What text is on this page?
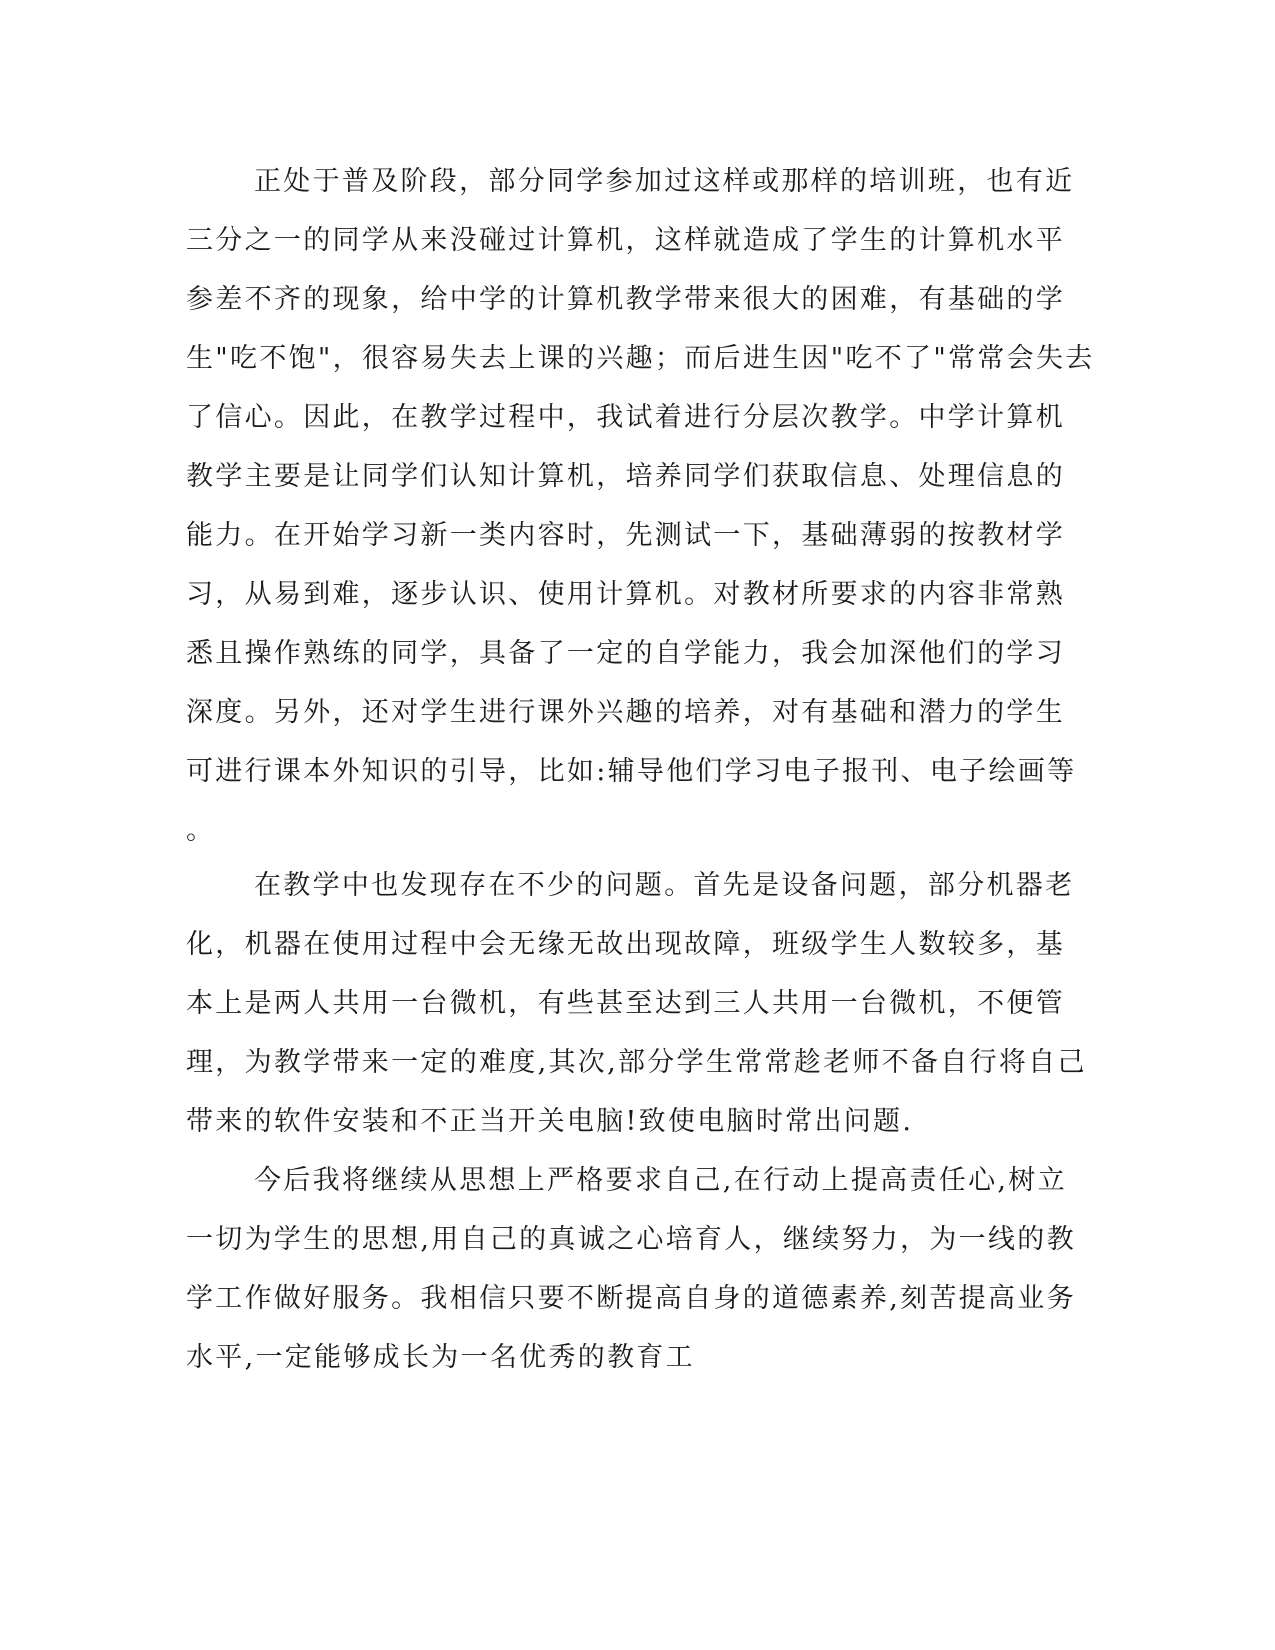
正处于普及阶段，部分同学参加过这样或那样的培训班，也有近
三分之一的同学从来没碰过计算机，这样就造成了学生的计算机水平
参差不齐的现象，给中学的计算机教学带来很大的困难，有基础的学
生"吃不饱"，很容易失去上课的兴趣；而后进生因"吃不了"常常会失去
了信心。因此，在教学过程中，我试着进行分层次教学。中学计算机
教学主要是让同学们认知计算机，培养同学们获取信息、处理信息的
能力。在开始学习新一类内容时，先测试一下，基础薄弱的按教材学
习，从易到难，逐步认识、使用计算机。对教材所要求的内容非常熟
悉且操作熟练的同学，具备了一定的自学能力，我会加深他们的学习
深度。另外，还对学生进行课外兴趣的培养，对有基础和潜力的学生
可进行课本外知识的引导，比如:辅导他们学习电子报刊、电子绘画等
。
在教学中也发现存在不少的问题。首先是设备问题，部分机器老
化，机器在使用过程中会无缘无故出现故障，班级学生人数较多，基
本上是两人共用一台微机，有些甚至达到三人共用一台微机，不便管
理，为教学带来一定的难度,其次,部分学生常常趁老师不备自行将自己
带来的软件安装和不正当开关电脑!致使电脑时常出问题.
今后我将继续从思想上严格要求自己,在行动上提高责任心,树立
一切为学生的思想,用自己的真诚之心培育人，继续努力，为一线的教
学工作做好服务。我相信只要不断提高自身的道德素养,刻苦提高业务
水平,一定能够成长为一名优秀的教育工
